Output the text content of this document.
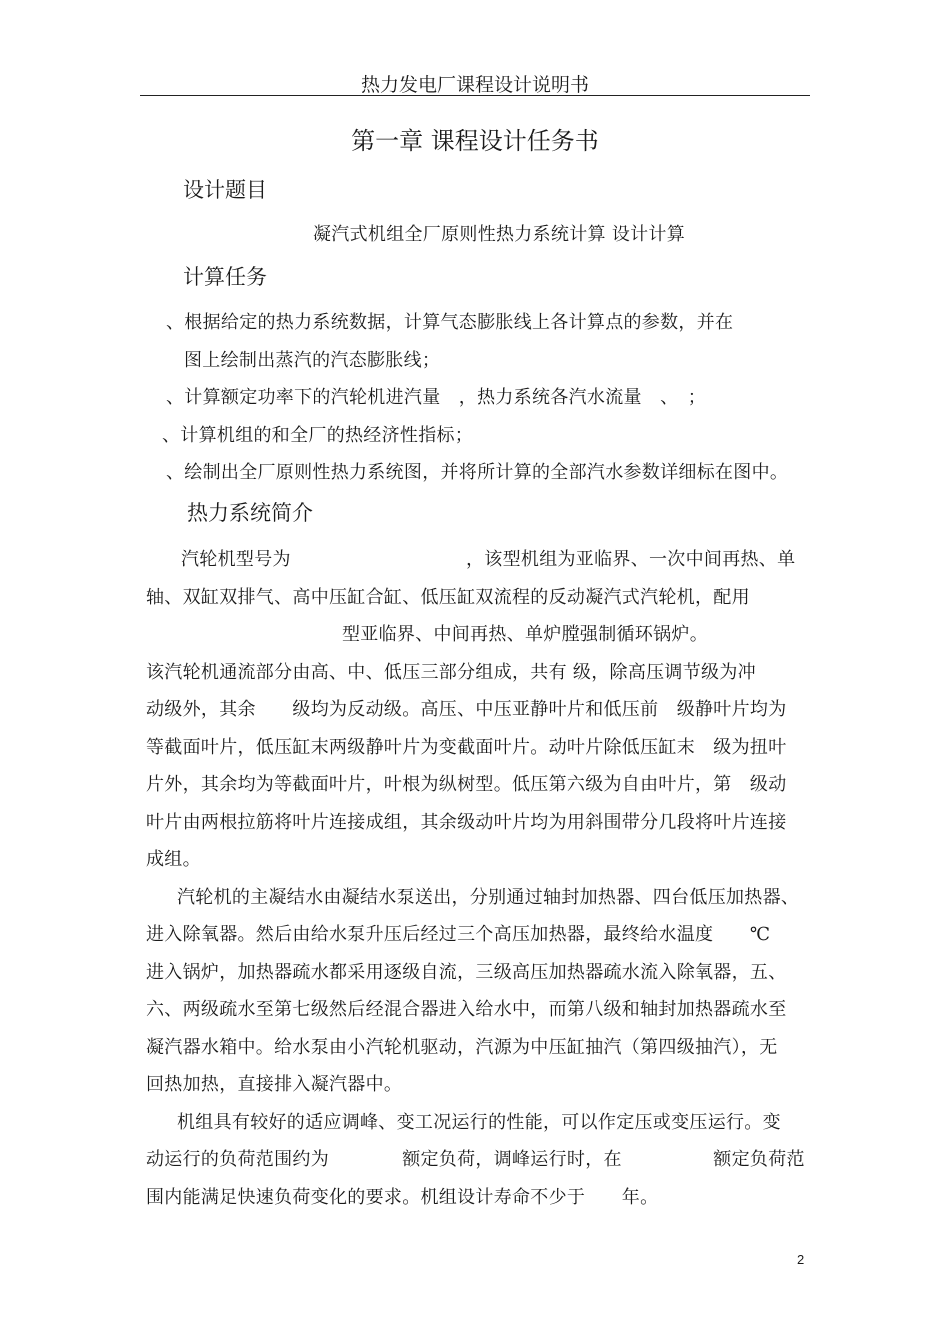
热力发电厂课程设计说明书
第一章 课程设计任务书
设计题目
凝汽式机组全厂原则性热力系统计算 设计计算
计算任务
、根据给定的热力系统数据，计算气态膨胀线上各计算点的参数，并在
图上绘制出蒸汽的汽态膨胀线；
、计算额定功率下的汽轮机进汽量　，热力系统各汽水流量　、　；
、计算机组的和全厂的热经济性指标；
、绘制出全厂原则性热力系统图，并将所计算的全部汽水参数详细标在图中。
热力系统简介
汽轮机型号为	，该型机组为亚临界、一次中间再热、单
轴、双缸双排气、高中压缸合缸、低压缸双流程的反动凝汽式汽轮机，配用
型亚临界、中间再热、单炉膛强制循环锅炉。
该汽轮机通流部分由高、中、低压三部分组成，共有 级，除高压调节级为冲
动级外，其余　　级均为反动级。高压、中压亚静叶片和低压前　级静叶片均为
等截面叶片，低压缸末两级静叶片为变截面叶片。动叶片除低压缸末　级为扭叶
片外，其余均为等截面叶片，叶根为纵树型。低压第六级为自由叶片，第　级动
叶片由两根拉筋将叶片连接成组，其余级动叶片均为用斜围带分几段将叶片连接
成组。
汽轮机的主凝结水由凝结水泵送出，分别通过轴封加热器、四台低压加热器、
进入除氧器。然后由给水泵升压后经过三个高压加热器，最终给水温度　　℃
进入锅炉，加热器疏水都采用逐级自流，三级高压加热器疏水流入除氧器，五、
六、两级疏水至第七级然后经混合器进入给水中，而第八级和轴封加热器疏水至
凝汽器水箱中。给水泵由小汽轮机驱动，汽源为中压缸抽汽（第四级抽汽），无
回热加热，直接排入凝汽器中。
机组具有较好的适应调峰、变工况运行的性能，可以作定压或变压运行。变
动运行的负荷范围约为　　　　额定负荷，调峰运行时，在　　　　　额定负荷范
围内能满足快速负荷变化的要求。机组设计寿命不少于　　年。
2
